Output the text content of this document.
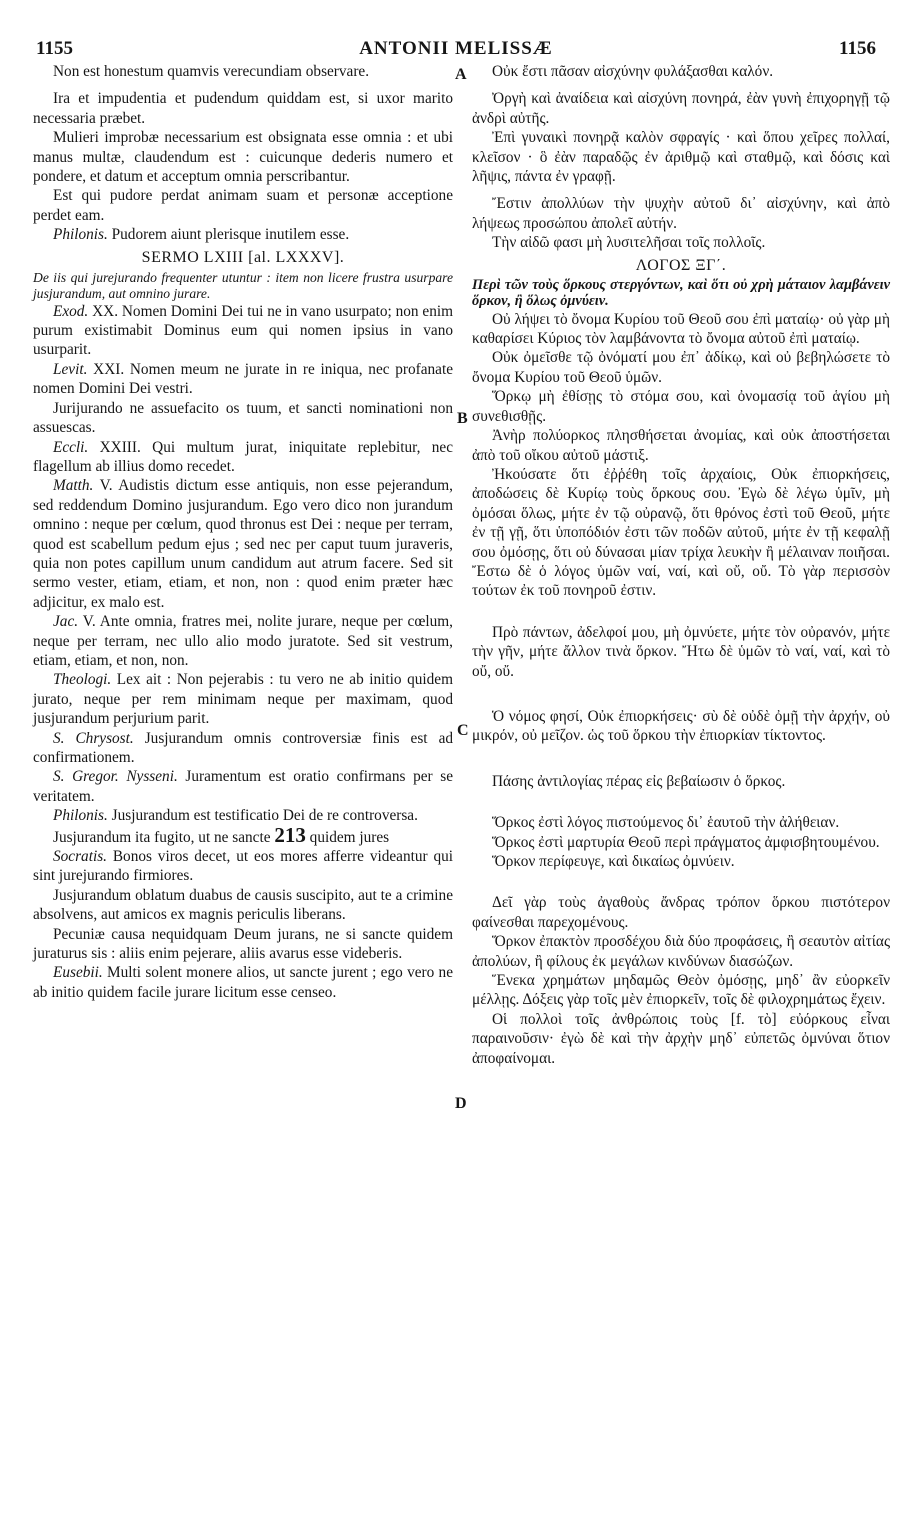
1155	ANTONII MELISSÆ	1156
A
B
C
D

Non est honestum quamvis verecundiam observare.

Ira et impudentia et pudendum quiddam est, si uxor marito necessaria præbet.

Mulieri improbæ necessarium est obsignata esse omnia : et ubi manus multæ, claudendum est : cuicunque dederis numero et pondere, et datum et acceptum omnia perscribantur.

Est qui pudore perdat animam suam et personæ acceptione perdet eam.

Philonis. Pudorem aiunt plerisque inutilem esse.

SERMO LXIII [al. LXXXV].

De iis qui jurejurando frequenter utuntur : item non licere frustra usurpare jusjurandum, aut omnino jurare.

Exod. XX. Nomen Domini Dei tui ne in vano usurpato; non enim purum existimabit Dominus eum qui nomen ipsius in vano usurparit.

Levit. XXI. Nomen meum ne jurate in re iniqua, nec profanate nomen Domini Dei vestri.

Jurijurando ne assuefacito os tuum, et sancti nominationi non assuescas.

Eccli. XXIII. Qui multum jurat, iniquitate replebitur, nec flagellum ab illius domo recedet.

Matth. V. Audistis dictum esse antiquis, non esse pejerandum, sed reddendum Domino jusjurandum. Ego vero dico non jurandum omnino : neque per cœlum, quod thronus est Dei : neque per terram, quod est scabellum pedum ejus ; sed nec per caput tuum juraveris, quia non potes capillum unum candidum aut atrum facere. Sed sit sermo vester, etiam, etiam, et non, non : quod enim præter hæc adjicitur, ex malo est.

Jac. V. Ante omnia, fratres mei, nolite jurare, neque per cœlum, neque per terram, nec ullo alio modo juratote. Sed sit vestrum, etiam, etiam, et non, non.

Theologi. Lex ait : Non pejerabis : tu vero ne ab initio quidem jurato, neque per rem minimam neque per maximam, quod jusjurandum perjurium parit.

S. Chrysost. Jusjurandum omnis controversiæ finis est ad confirmationem.

S. Gregor. Nysseni. Juramentum est oratio confirmans per se veritatem.

Philonis. Jusjurandum est testificatio Dei de re controversa.

Jusjurandum ita fugito, ut ne sancte 213 quidem jures

Socratis. Bonos viros decet, ut eos mores afferre videantur qui sint jurejurando firmiores.

Jusjurandum oblatum duabus de causis suscipito, aut te a crimine absolvens, aut amicos ex magnis periculis liberans.

Pecuniæ causa nequidquam Deum jurans, ne si sancte quidem juraturus sis : aliis enim pejerare, aliis avarus esse videberis.

Eusebii. Multi solent monere alios, ut sancte jurent ; ego vero ne ab initio quidem facile jurare licitum esse censeo.

Οὐκ ἔστι πᾶσαν αἰσχύνην φυλάξασθαι καλόν.

Ὀργὴ καὶ ἀναίδεια καὶ αἰσχύνη πονηρά, ἐὰν γυνὴ ἐπιχορηγῇ τῷ ἀνδρὶ αὐτῆς.

Ἐπὶ γυναικὶ πονηρᾷ καλὸν σφραγίς · καὶ ὅπου χεῖρες πολλαί, κλεῖσον · ὃ ἐὰν παραδῷς ἐν ἀριθμῷ καὶ σταθμῷ, καὶ δόσις καὶ λῆψις, πάντα ἐν γραφῇ.

Ἔστιν ἀπολλύων τὴν ψυχὴν αὐτοῦ δι᾽ αἰσχύνην, καὶ ἀπὸ λήψεως προσώπου ἀπολεῖ αὐτήν.

Τὴν αἰδῶ φασι μὴ λυσιτελῆσαι τοῖς πολλοῖς.

ΛΟΓΟΣ ΞΓ΄.

Περὶ τῶν τοὺς ὅρκους στεργόντων, καὶ ὅτι οὐ χρὴ μάταιον λαμβάνειν ὅρκον, ἢ ὅλως ὀμνύειν.

Οὐ λήψει τὸ ὄνομα Κυρίου τοῦ Θεοῦ σου ἐπὶ ματαίῳ· οὐ γὰρ μὴ καθαρίσει Κύριος τὸν λαμβάνοντα τὸ ὄνομα αὐτοῦ ἐπὶ ματαίῳ.

Οὐκ ὀμεῖσθε τῷ ὀνόματί μου ἐπ᾽ ἀδίκῳ, καὶ οὐ βεβηλώσετε τὸ ὄνομα Κυρίου τοῦ Θεοῦ ὑμῶν.

Ὅρκῳ μὴ ἐθίσῃς τὸ στόμα σου, καὶ ὀνομασίᾳ τοῦ ἁγίου μὴ συνεθισθῇς.

Ἀνὴρ πολύορκος πλησθήσεται ἀνομίας, καὶ οὐκ ἀποστήσεται ἀπὸ τοῦ οἴκου αὐτοῦ μάστιξ.

Ἠκούσατε ὅτι ἐῤῥέθη τοῖς ἀρχαίοις, Οὐκ ἐπιορκήσεις, ἀποδώσεις δὲ Κυρίῳ τοὺς ὅρκους σου. Ἐγὼ δὲ λέγω ὑμῖν, μὴ ὀμόσαι ὅλως, μήτε ἐν τῷ οὐρανῷ, ὅτι θρόνος ἐστὶ τοῦ Θεοῦ, μήτε ἐν τῇ γῇ, ὅτι ὑποπόδιόν ἐστι τῶν ποδῶν αὐτοῦ, μήτε ἐν τῇ κεφαλῇ σου ὀμόσῃς, ὅτι οὐ δύνασαι μίαν τρίχα λευκὴν ἢ μέλαιναν ποιῆσαι. Ἔστω δὲ ὁ λόγος ὑμῶν ναί, ναί, καὶ οὔ, οὔ. Τὸ γὰρ περισσὸν τούτων ἐκ τοῦ πονηροῦ ἐστιν.

Πρὸ πάντων, ἀδελφοί μου, μὴ ὀμνύετε, μήτε τὸν οὐρανόν, μήτε τὴν γῆν, μήτε ἄλλον τινὰ ὅρκον. Ἤτω δὲ ὑμῶν τὸ ναί, ναί, καὶ τὸ οὔ, οὔ.

Ὁ νόμος φησί, Οὐκ ἐπιορκήσεις· σὺ δὲ οὐδὲ ὀμῇ τὴν ἀρχήν, οὐ μικρόν, οὐ μεῖζον. ὡς τοῦ ὅρκου τὴν ἐπιορκίαν τίκτοντος.

Πάσης ἀντιλογίας πέρας εἰς βεβαίωσιν ὁ ὅρκος.

Ὅρκος ἐστὶ λόγος πιστούμενος δι᾽ ἑαυτοῦ τὴν ἀλήθειαν.

Ὅρκος ἐστὶ μαρτυρία Θεοῦ περὶ πράγματος ἀμφισβητουμένου.

Ὅρκον περίφευγε, καὶ δικαίως ὀμνύειν.

Δεῖ γὰρ τοὺς ἀγαθοὺς ἄνδρας τρόπον ὅρκου πιστότερον φαίνεσθαι παρεχομένους.

Ὅρκον ἐπακτὸν προσδέχου διὰ δύο προφάσεις, ἢ σεαυτὸν αἰτίας ἀπολύων, ἢ φίλους ἐκ μεγάλων κινδύνων διασώζων.

Ἕνεκα χρημάτων μηδαμῶς Θεὸν ὀμόσῃς, μηδ᾽ ἂν εὐορκεῖν μέλλῃς. Δόξεις γὰρ τοῖς μὲν ἐπιορκεῖν, τοῖς δὲ φιλοχρημάτως ἔχειν.

Οἱ πολλοὶ τοῖς ἀνθρώποις τοὺς [f. τὸ] εὐόρκους εἶναι παραινοῦσιν· ἐγὼ δὲ καὶ τὴν ἀρχὴν μηδ᾽ εὐπετῶς ὀμνύναι ὅτιον ἀποφαίνομαι.
